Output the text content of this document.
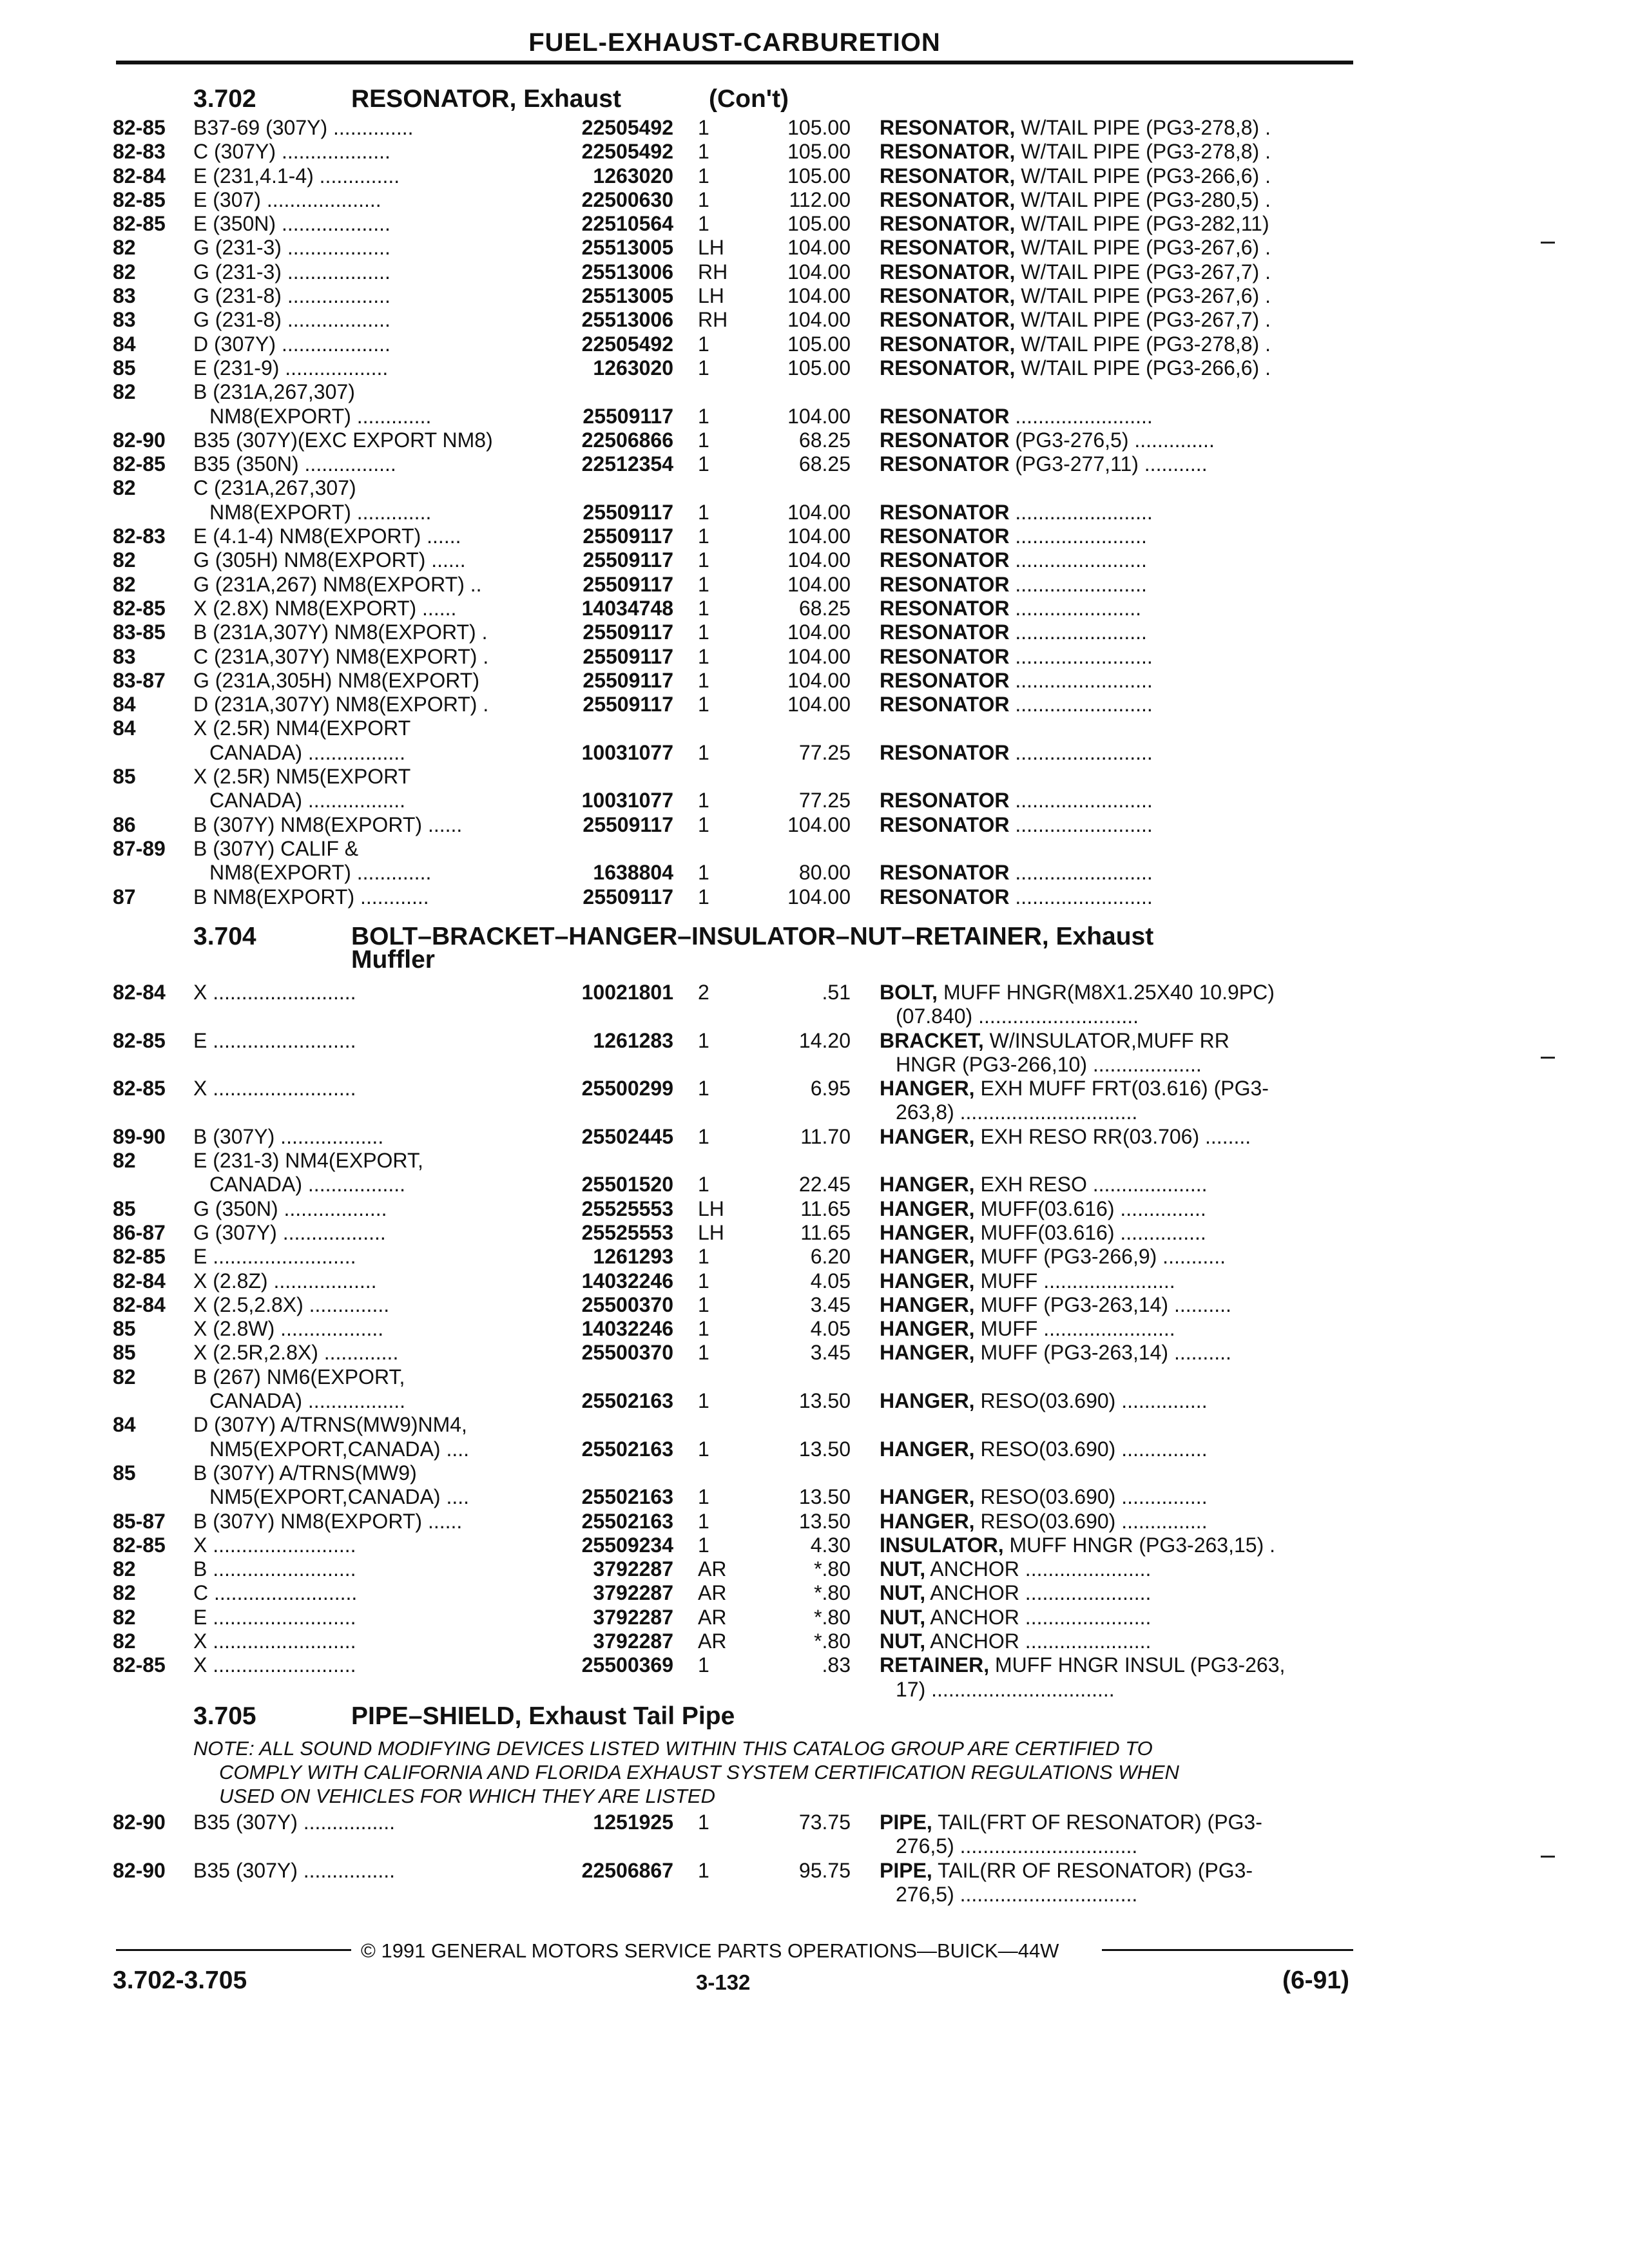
FUEL-EXHAUST-CARBURETION
3.702	RESONATOR, Exhaust	(Con't)
82-85 B37-69 (307Y) ..............	22505492 1	105.00 RESONATOR, W/TAIL PIPE (PG3-278,8) .
82-83 C (307Y) ...................	22505492 1	105.00 RESONATOR, W/TAIL PIPE (PG3-278,8) .
82-84 E (231,4.1-4) ..............	1263020 1	105.00 RESONATOR, W/TAIL PIPE (PG3-266,6) .
82-85 E (307) ....................	22500630 1	112.00 RESONATOR, W/TAIL PIPE (PG3-280,5) .
82-85 E (350N) ...................	22510564 1	105.00 RESONATOR, W/TAIL PIPE (PG3-282,11)
82	G (231-3) ..................	25513005 LH	104.00 RESONATOR, W/TAIL PIPE (PG3-267,6) .
82	G (231-3) ..................	25513006 RH	104.00 RESONATOR, W/TAIL PIPE (PG3-267,7) .
83	G (231-8) ..................	25513005 LH	104.00 RESONATOR, W/TAIL PIPE (PG3-267,6) .
83	G (231-8) ..................	25513006 RH	104.00 RESONATOR, W/TAIL PIPE (PG3-267,7) .
84	D (307Y) ...................	22505492 1	105.00 RESONATOR, W/TAIL PIPE (PG3-278,8) .
85	E (231-9) ..................	1263020 1	105.00 RESONATOR, W/TAIL PIPE (PG3-266,6) .
82	B (231A,267,307)
NM8(EXPORT) .............	25509117 1	104.00 RESONATOR ........................
82-90 B35 (307Y)(EXC EXPORT NM8)	22506866 1	68.25 RESONATOR (PG3-276,5) ..............
82-85 B35 (350N) ................	22512354 1	68.25 RESONATOR (PG3-277,11) ...........
82	C (231A,267,307)
NM8(EXPORT) .............	25509117 1	104.00 RESONATOR ........................
82-83 E (4.1-4) NM8(EXPORT) ......	25509117 1	104.00 RESONATOR .......................
82	G (305H) NM8(EXPORT) ......	25509117 1	104.00 RESONATOR .......................
82	G (231A,267) NM8(EXPORT) ..	25509117 1	104.00 RESONATOR .......................
82-85 X (2.8X) NM8(EXPORT) ......	14034748 1	68.25 RESONATOR ......................
83-85 B (231A,307Y) NM8(EXPORT) .	25509117 1	104.00 RESONATOR .......................
83	C (231A,307Y) NM8(EXPORT) .	25509117 1	104.00 RESONATOR ........................
83-87 G (231A,305H) NM8(EXPORT)	25509117 1	104.00 RESONATOR ........................
84	D (231A,307Y) NM8(EXPORT) .	25509117 1	104.00 RESONATOR ........................
84	X (2.5R) NM4(EXPORT
CANADA) .................	10031077 1	77.25 RESONATOR ........................
85	X (2.5R) NM5(EXPORT
CANADA) .................	10031077 1	77.25 RESONATOR ........................
86	B (307Y) NM8(EXPORT) ......	25509117 1	104.00 RESONATOR ........................
87-89 B (307Y) CALIF &
NM8(EXPORT) .............	1638804 1	80.00 RESONATOR ........................
87	B NM8(EXPORT) ............	25509117 1	104.00 RESONATOR ........................
3.704	BOLT–BRACKET–HANGER–INSULATOR–NUT–RETAINER, Exhaust
Muffler
82-84 X .........................	10021801 2	.51 BOLT, MUFF HNGR(M8X1.25X40 10.9PC)
(07.840) ............................
82-85 E .........................	1261283 1	14.20 BRACKET, W/INSULATOR,MUFF RR
HNGR (PG3-266,10) ...................
82-85 X .........................	25500299 1	6.95 HANGER, EXH MUFF FRT(03.616) (PG3-
263,8) ...............................
89-90 B (307Y) ..................	25502445 1	11.70 HANGER, EXH RESO RR(03.706) ........
82	E (231-3) NM4(EXPORT,
CANADA) .................	25501520 1	22.45 HANGER, EXH RESO ....................
85	G (350N) ..................	25525553 LH	11.65 HANGER, MUFF(03.616) ...............
86-87 G (307Y) ..................	25525553 LH	11.65 HANGER, MUFF(03.616) ...............
82-85 E .........................	1261293 1	6.20 HANGER, MUFF (PG3-266,9) ...........
82-84 X (2.8Z) ..................	14032246 1	4.05 HANGER, MUFF .......................
82-84 X (2.5,2.8X) ..............	25500370 1	3.45 HANGER, MUFF (PG3-263,14) ..........
85	X (2.8W) ..................	14032246 1	4.05 HANGER, MUFF .......................
85	X (2.5R,2.8X) .............	25500370 1	3.45 HANGER, MUFF (PG3-263,14) ..........
82	B (267) NM6(EXPORT,
CANADA) .................	25502163 1	13.50 HANGER, RESO(03.690) ...............
84	D (307Y) A/TRNS(MW9)NM4,
NM5(EXPORT,CANADA) ....	25502163 1	13.50 HANGER, RESO(03.690) ...............
85	B (307Y) A/TRNS(MW9)
NM5(EXPORT,CANADA) ....	25502163 1	13.50 HANGER, RESO(03.690) ...............
85-87 B (307Y) NM8(EXPORT) ......	25502163 1	13.50 HANGER, RESO(03.690) ...............
82-85 X .........................	25509234 1	4.30 INSULATOR, MUFF HNGR (PG3-263,15) .
82	B .........................	3792287 AR	*.80 NUT, ANCHOR ......................
82	C .........................	3792287 AR	*.80 NUT, ANCHOR ......................
82	E .........................	3792287 AR	*.80 NUT, ANCHOR ......................
82	X .........................	3792287 AR	*.80 NUT, ANCHOR ......................
82-85 X .........................	25500369 1	.83 RETAINER, MUFF HNGR INSUL (PG3-263,
17) ................................
3.705	PIPE–SHIELD, Exhaust Tail Pipe
NOTE: ALL SOUND MODIFYING DEVICES LISTED WITHIN THIS CATALOG GROUP ARE CERTIFIED TO
COMPLY WITH CALIFORNIA AND FLORIDA EXHAUST SYSTEM CERTIFICATION REGULATIONS WHEN
USED ON VEHICLES FOR WHICH THEY ARE LISTED
82-90 B35 (307Y) ................	1251925 1	73.75 PIPE, TAIL(FRT OF RESONATOR) (PG3-
276,5) ...............................
82-90 B35 (307Y) ................	22506867 1	95.75 PIPE, TAIL(RR OF RESONATOR) (PG3-
276,5) ...............................
© 1991 GENERAL MOTORS SERVICE PARTS OPERATIONS—BUICK—44W
3.702-3.705	3-132	(6-91)
